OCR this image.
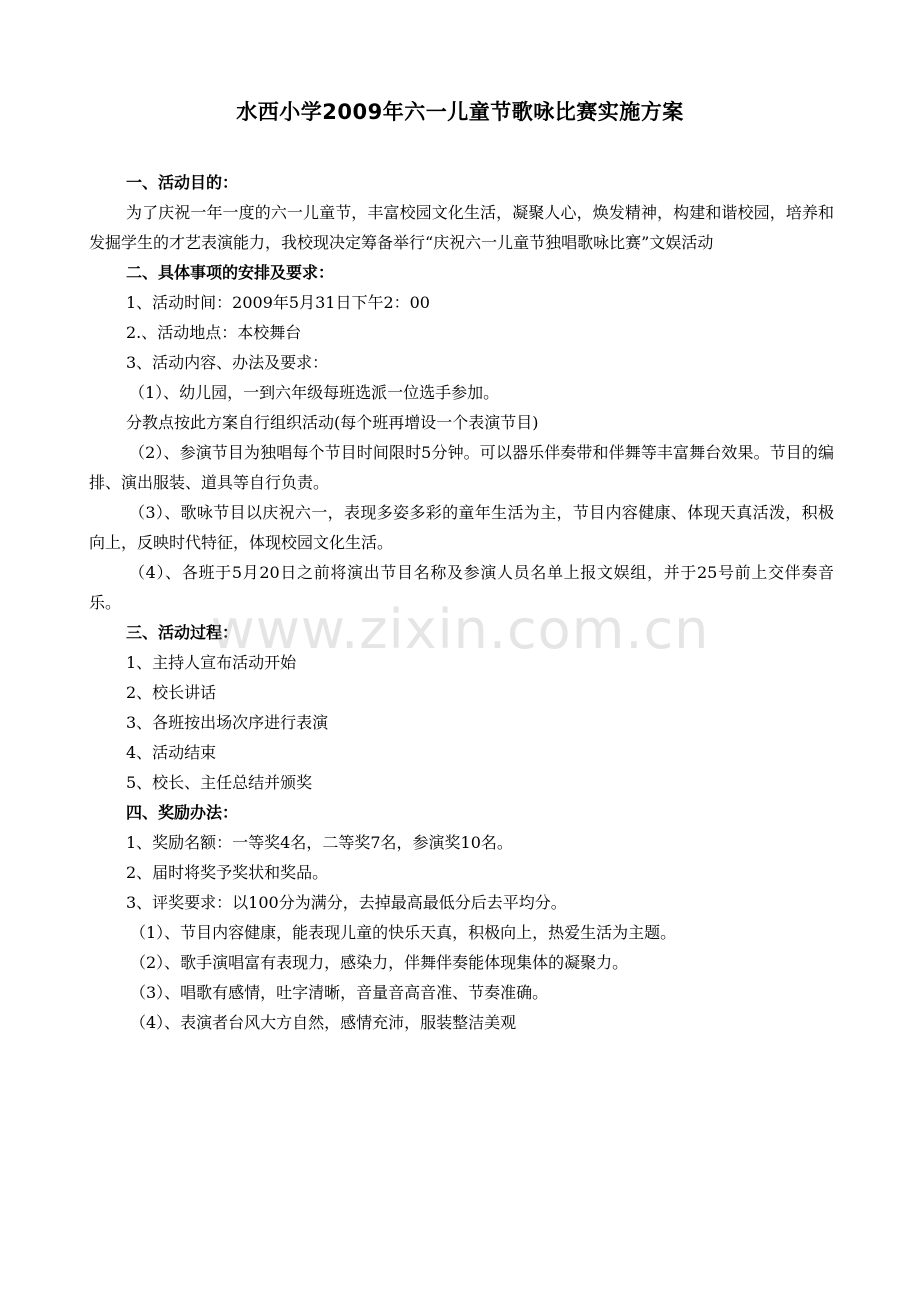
水西小学2009年六一儿童节歌咏比赛实施方案

一、活动目的：

为了庆祝一年一度的六一儿童节，丰富校园文化生活，凝聚人心，焕发精神，构建和谐校园，培养和发掘学生的才艺表演能力，我校现决定筹备举行“庆祝六一儿童节独唱歌咏比赛”文娱活动

二、具体事项的安排及要求：

1、活动时间：2009年5月31日下午2：00

2.、活动地点：本校舞台

3、活动内容、办法及要求：

（1）、幼儿园，一到六年级每班选派一位选手参加。

分教点按此方案自行组织活动(每个班再增设一个表演节目)

（2）、参演节目为独唱每个节目时间限时5分钟。可以器乐伴奏带和伴舞等丰富舞台效果。节目的编排、演出服装、道具等自行负责。

（3）、歌咏节目以庆祝六一，表现多姿多彩的童年生活为主，节目内容健康、体现天真活泼，积极向上，反映时代特征，体现校园文化生活。

（4）、各班于5月20日之前将演出节目名称及参演人员名单上报文娱组，并于25号前上交伴奏音乐。

三、活动过程：

1、主持人宣布活动开始

2、校长讲话

3、各班按出场次序进行表演

4、活动结束

5、校长、主任总结并颁奖

四、奖励办法：

1、奖励名额：一等奖4名，二等奖7名，参演奖10名。

2、届时将奖予奖状和奖品。

3、评奖要求：以100分为满分，去掉最高最低分后去平均分。

（1）、节目内容健康，能表现儿童的快乐天真，积极向上，热爱生活为主题。

（2）、歌手演唱富有表现力，感染力，伴舞伴奏能体现集体的凝聚力。

（3）、唱歌有感情，吐字清晰，音量音高音准、节奏准确。

（4）、表演者台风大方自然，感情充沛，服装整洁美观

www.zixin.com.cn
